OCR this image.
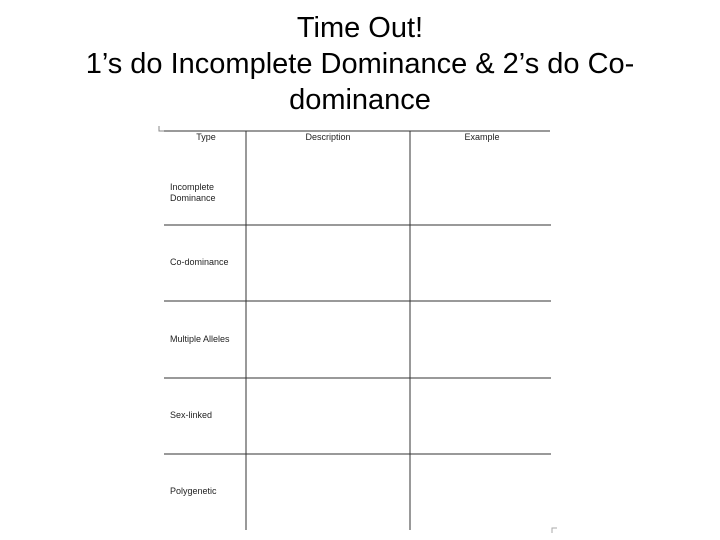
Time Out!
1’s do Incomplete Dominance & 2’s do Co-
dominance
Type	Description	Example
Incomplete
Dominance
Co-dominance
Multiple Alleles
Sex-linked
Polygenetic
